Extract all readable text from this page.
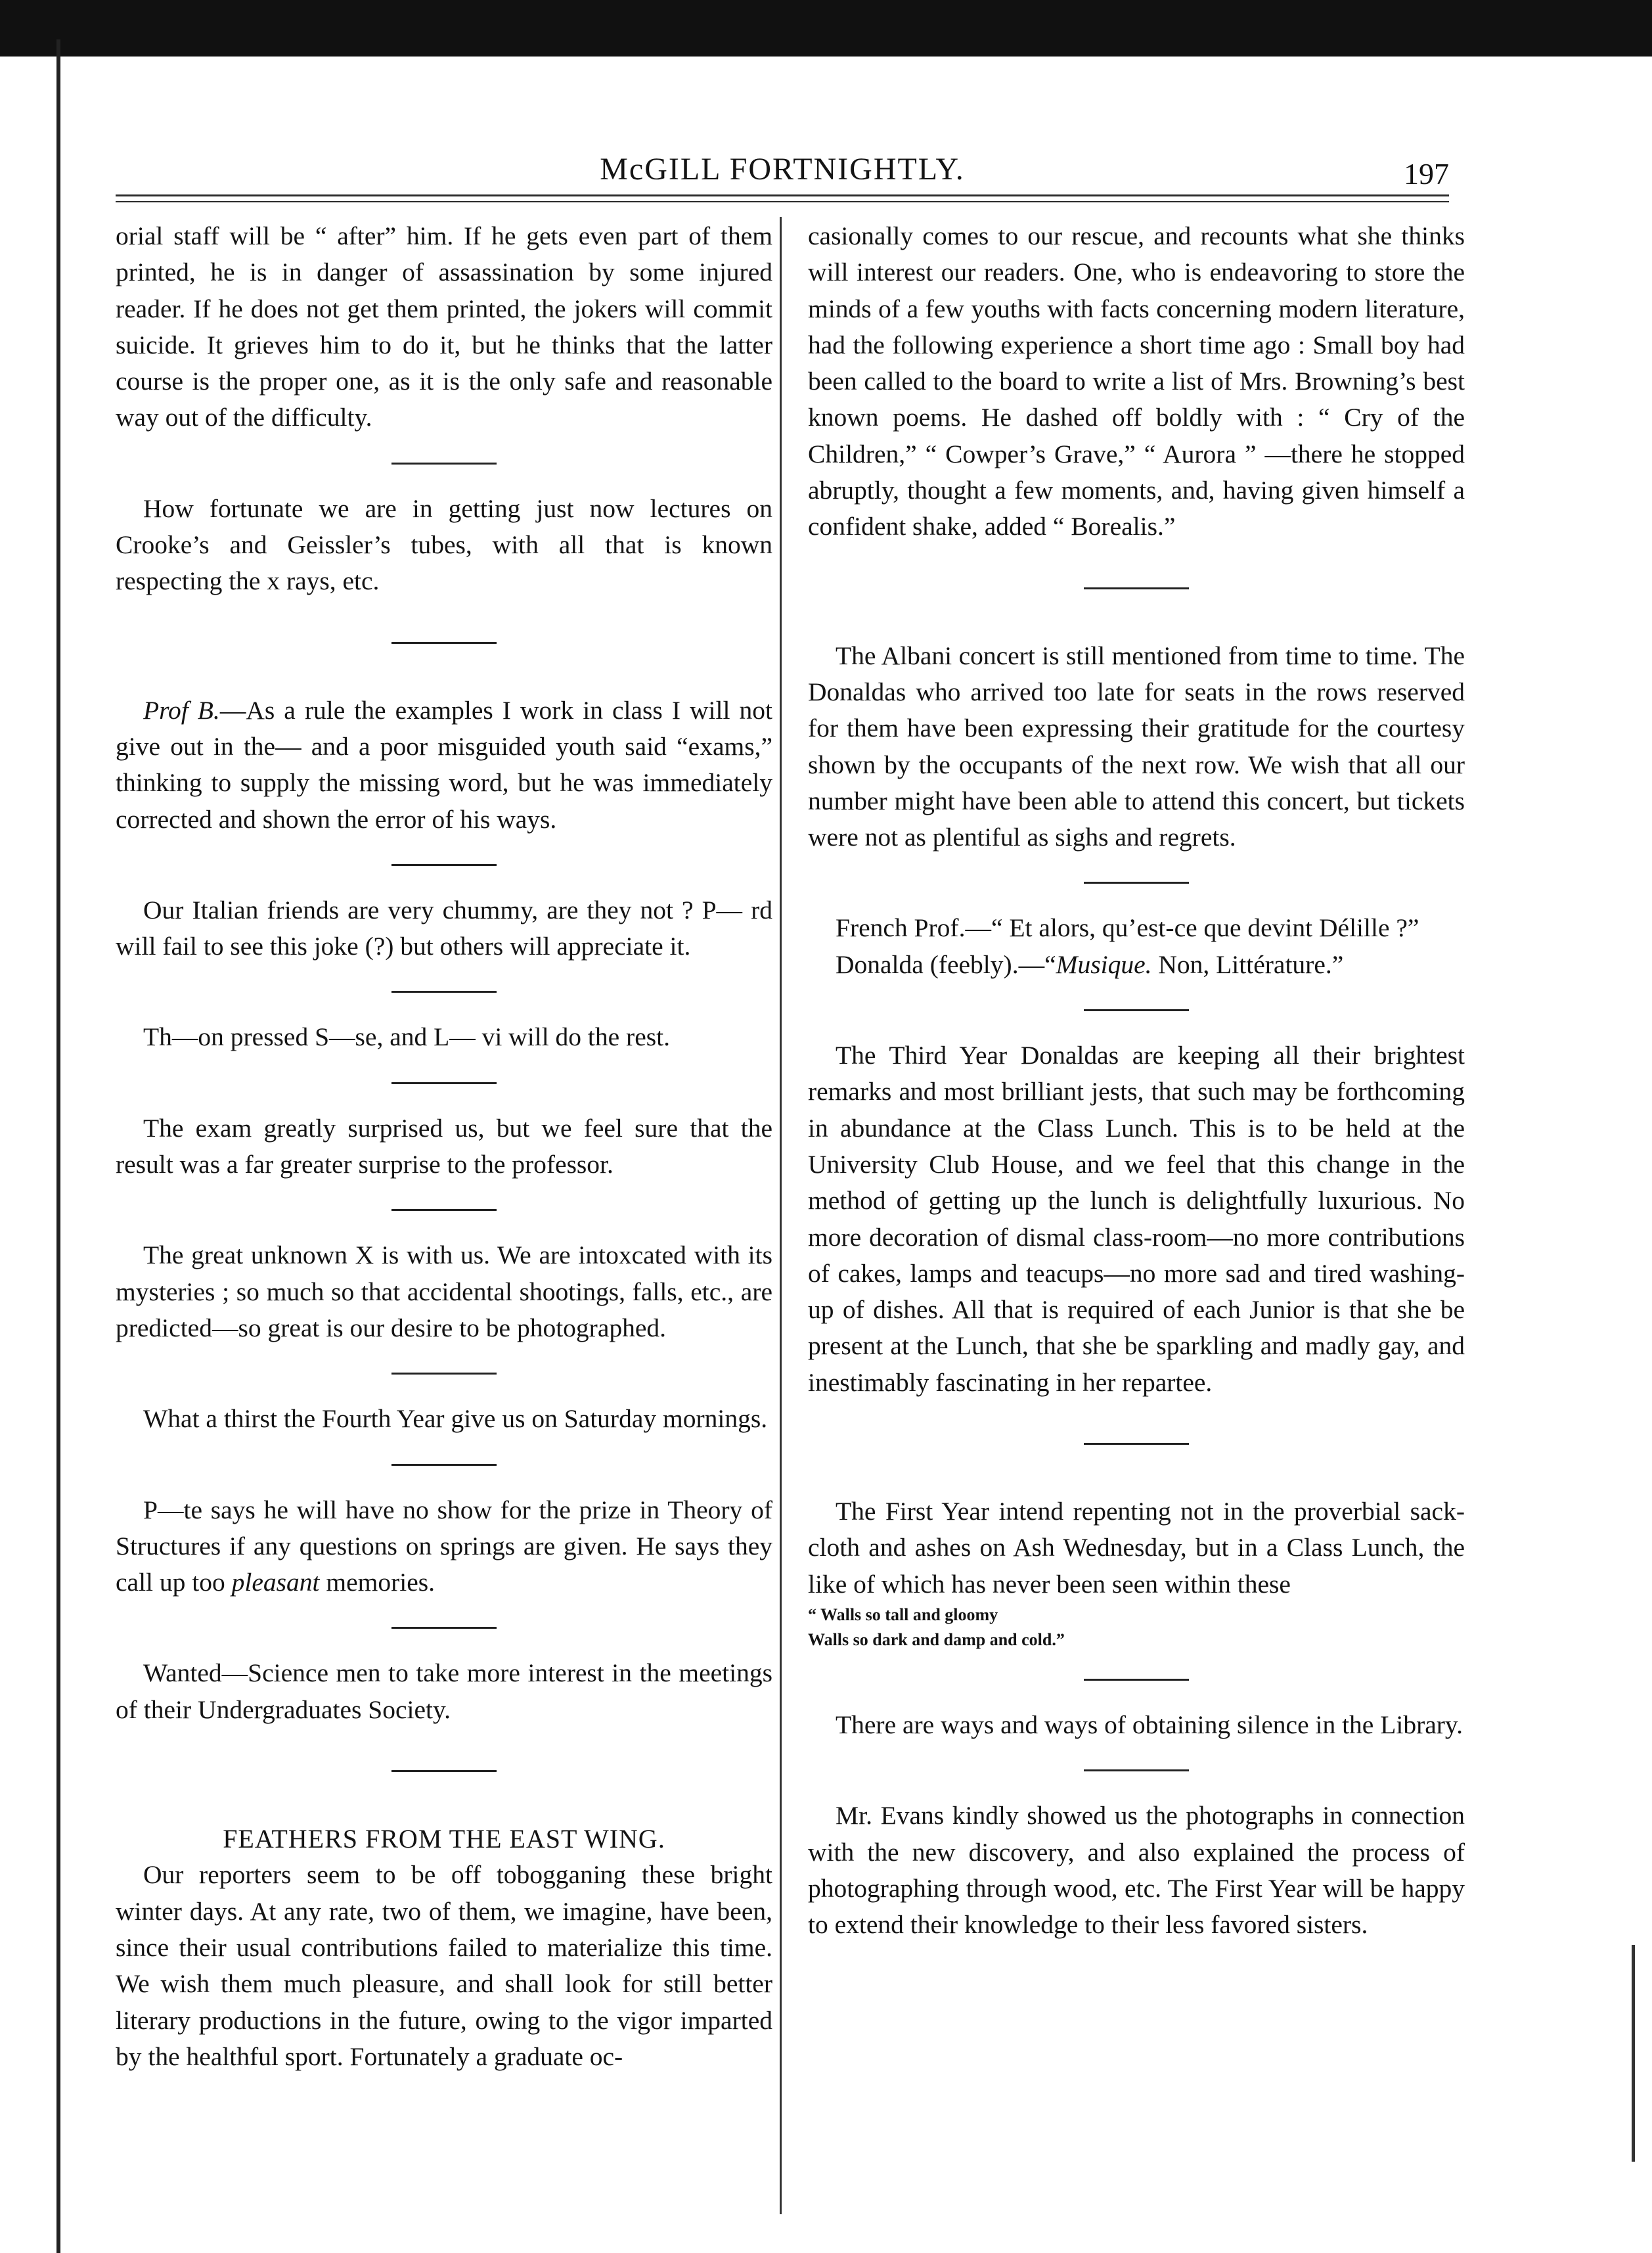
McGILL FORTNIGHTLY.	197

orial staff will be “ after” him. If he gets even part of them printed, he is in danger of assassination by some injured reader. If he does not get them printed, the jokers will commit suicide. It grieves him to do it, but he thinks that the latter course is the proper one, as it is the only safe and reasonable way out of the difficulty.

How fortunate we are in getting just now lectures on Crooke’s and Geissler’s tubes, with all that is known respecting the x rays, etc.

Prof B.—As a rule the examples I work in class I will not give out in the— and a poor misguided youth said “exams,” thinking to supply the missing word, but he was immediately corrected and shown the error of his ways.

Our Italian friends are very chummy, are they not ? P— rd will fail to see this joke (?) but others will appreciate it.

Th—on pressed S—se, and L— vi will do the rest.

The exam greatly surprised us, but we feel sure that the result was a far greater surprise to the professor.

The great unknown X is with us. We are intoxcated with its mysteries ; so much so that accidental shootings, falls, etc., are predicted—so great is our desire to be photographed.

What a thirst the Fourth Year give us on Saturday mornings.

P—te says he will have no show for the prize in Theory of Structures if any questions on springs are given. He says they call up too pleasant memories.

Wanted—Science men to take more interest in the meetings of their Undergraduates Society.

FEATHERS FROM THE EAST WING.

Our reporters seem to be off tobogganing these bright winter days. At any rate, two of them, we imagine, have been, since their usual contributions failed to materialize this time. We wish them much pleasure, and shall look for still better literary productions in the future, owing to the vigor imparted by the healthful sport. Fortunately a graduate oc-

casionally comes to our rescue, and recounts what she thinks will interest our readers. One, who is endeavoring to store the minds of a few youths with facts concerning modern literature, had the following experience a short time ago : Small boy had been called to the board to write a list of Mrs. Browning’s best known poems. He dashed off boldly with : “ Cry of the Children,” “ Cowper’s Grave,” “ Aurora ” —there he stopped abruptly, thought a few moments, and, having given himself a confident shake, added “ Borealis.”

The Albani concert is still mentioned from time to time. The Donaldas who arrived too late for seats in the rows reserved for them have been expressing their gratitude for the courtesy shown by the occupants of the next row. We wish that all our number might have been able to attend this concert, but tickets were not as plentiful as sighs and regrets.

French Prof.—“ Et alors, qu’est-ce que devint Délille ?”

Donalda (feebly).—“Musique. Non, Littérature.”

The Third Year Donaldas are keeping all their brightest remarks and most brilliant jests, that such may be forthcoming in abundance at the Class Lunch. This is to be held at the University Club House, and we feel that this change in the method of getting up the lunch is delightfully luxurious. No more decoration of dismal class-room—no more contributions of cakes, lamps and teacups—no more sad and tired washing-up of dishes. All that is required of each Junior is that she be present at the Lunch, that she be sparkling and madly gay, and inestimably fascinating in her repartee.

The First Year intend repenting not in the proverbial sack-cloth and ashes on Ash Wednesday, but in a Class Lunch, the like of which has never been seen within these

“ Walls so tall and gloomy
Walls so dark and damp and cold.”

There are ways and ways of obtaining silence in the Library.

Mr. Evans kindly showed us the photographs in connection with the new discovery, and also explained the process of photographing through wood, etc. The First Year will be happy to extend their knowledge to their less favored sisters.
